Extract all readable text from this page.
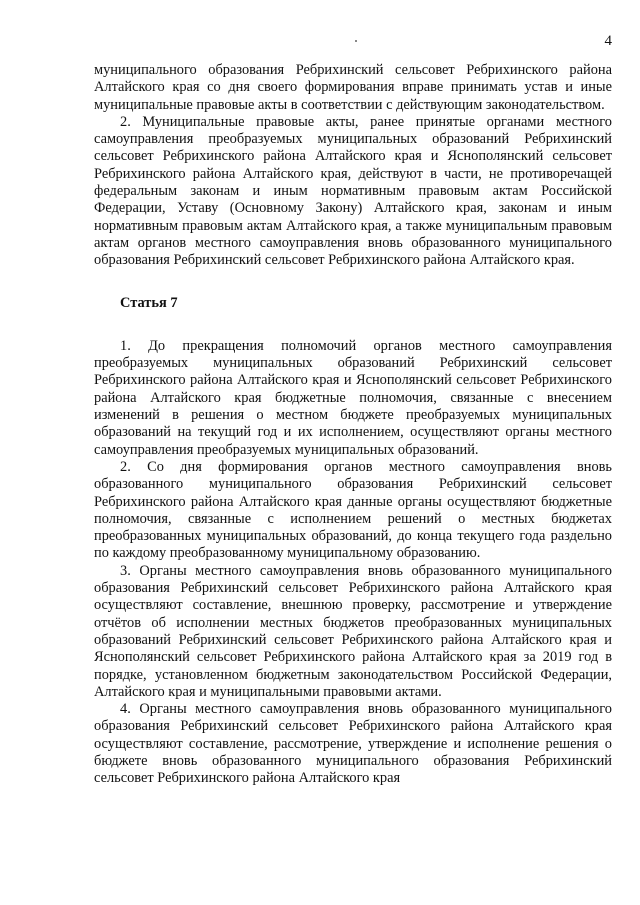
4

муниципального образования Ребрихинский сельсовет Ребрихинского района Алтайского края со дня своего формирования вправе принимать устав и иные муниципальные правовые акты в соответствии с действующим законодательством.

2. Муниципальные правовые акты, ранее принятые органами местного самоуправления преобразуемых муниципальных образований Ребрихинский сельсовет Ребрихинского района Алтайского края и Яснополянский сельсовет Ребрихинского района Алтайского края, действуют в части, не противоречащей федеральным законам и иным нормативным правовым актам Российской Федерации, Уставу (Основному Закону) Алтайского края, законам и иным нормативным правовым актам Алтайского края, а также муниципальным правовым актам органов местного самоуправления вновь образованного муниципального образования Ребрихинский сельсовет Ребрихинского района Алтайского края.

Статья 7

1. До прекращения полномочий органов местного самоуправления преобразуемых муниципальных образований Ребрихинский сельсовет Ребрихинского района Алтайского края и Яснополянский сельсовет Ребрихинского района Алтайского края бюджетные полномочия, связанные с внесением изменений в решения о местном бюджете преобразуемых муниципальных образований на текущий год и их исполнением, осуществляют органы местного самоуправления преобразуемых муниципальных образований.

2. Со дня формирования органов местного самоуправления вновь образованного муниципального образования Ребрихинский сельсовет Ребрихинского района Алтайского края данные органы осуществляют бюджетные полномочия, связанные с исполнением решений о местных бюджетах преобразованных муниципальных образований, до конца текущего года раздельно по каждому преобразованному муниципальному образованию.

3. Органы местного самоуправления вновь образованного муниципального образования Ребрихинский сельсовет Ребрихинского района Алтайского края осуществляют составление, внешнюю проверку, рассмотрение и утверждение отчётов об исполнении местных бюджетов преобразованных муниципальных образований Ребрихинский сельсовет Ребрихинского района Алтайского края и Яснополянский сельсовет Ребрихинского района Алтайского края за 2019 год в порядке, установленном бюджетным законодательством Российской Федерации, Алтайского края и муниципальными правовыми актами.

4. Органы местного самоуправления вновь образованного муниципального образования Ребрихинский сельсовет Ребрихинского района Алтайского края осуществляют составление, рассмотрение, утверждение и исполнение решения о бюджете вновь образованного муниципального образования Ребрихинский сельсовет Ребрихинского района Алтайского края
